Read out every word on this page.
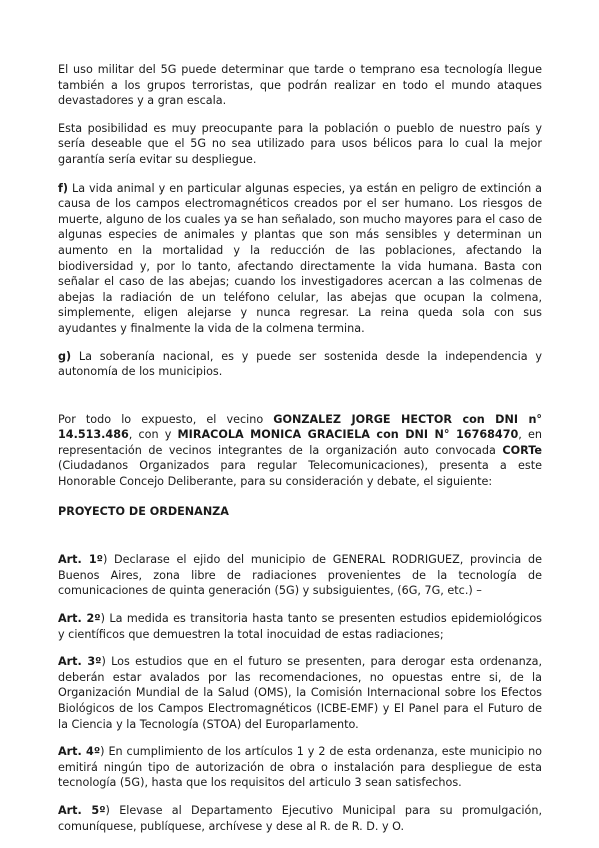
El uso militar del 5G puede determinar que tarde o temprano esa tecnología llegue también a los grupos terroristas, que podrán realizar en todo el mundo ataques devastadores y a gran escala.

Esta posibilidad es muy preocupante para la población o pueblo de nuestro país y sería deseable que el 5G no sea utilizado para usos bélicos para lo cual la mejor garantía sería evitar su despliegue.

f) La vida animal y en particular algunas especies, ya están en peligro de extinción a causa de los campos electromagnéticos creados por el ser humano. Los riesgos de muerte, alguno de los cuales ya se han señalado, son mucho mayores para el caso de algunas especies de animales y plantas que son más sensibles y determinan un aumento en la mortalidad y la reducción de las poblaciones, afectando la biodiversidad y, por lo tanto, afectando directamente la vida humana. Basta con señalar el caso de las abejas; cuando los investigadores acercan a las colmenas de abejas la radiación de un teléfono celular, las abejas que ocupan la colmena, simplemente, eligen alejarse y nunca regresar. La reina queda sola con sus ayudantes y finalmente la vida de la colmena termina.

g) La soberanía nacional, es y puede ser sostenida desde la independencia y autonomía de los municipios.

Por todo lo expuesto, el vecino GONZALEZ JORGE HECTOR con DNI n° 14.513.486, con y MIRACOLA MONICA GRACIELA con DNI N° 16768470, en representación de vecinos integrantes de la organización auto convocada CORTe (Ciudadanos Organizados para regular Telecomunicaciones), presenta a este Honorable Concejo Deliberante, para su consideración y debate, el siguiente:

PROYECTO DE ORDENANZA

Art. 1º) Declarase el ejido del municipio de GENERAL RODRIGUEZ, provincia de Buenos Aires, zona libre de radiaciones provenientes de la tecnología de comunicaciones de quinta generación (5G) y subsiguientes, (6G, 7G, etc.) –

Art. 2º) La medida es transitoria hasta tanto se presenten estudios epidemiológicos y científicos que demuestren la total inocuidad de estas radiaciones;

Art. 3º) Los estudios que en el futuro se presenten, para derogar esta ordenanza, deberán estar avalados por las recomendaciones, no opuestas entre si, de la Organización Mundial de la Salud (OMS), la Comisión Internacional sobre los Efectos Biológicos de los Campos Electromagnéticos (ICBE-EMF) y El Panel para el Futuro de la Ciencia y la Tecnología (STOA) del Europarlamento.

Art. 4º) En cumplimiento de los artículos 1 y 2 de esta ordenanza, este municipio no emitirá ningún tipo de autorización de obra o instalación para despliegue de esta tecnología (5G), hasta que los requisitos del articulo 3 sean satisfechos.

Art. 5º) Elevase al Departamento Ejecutivo Municipal para su promulgación, comuníquese, publíquese, archívese y dese al R. de R. D. y O.
